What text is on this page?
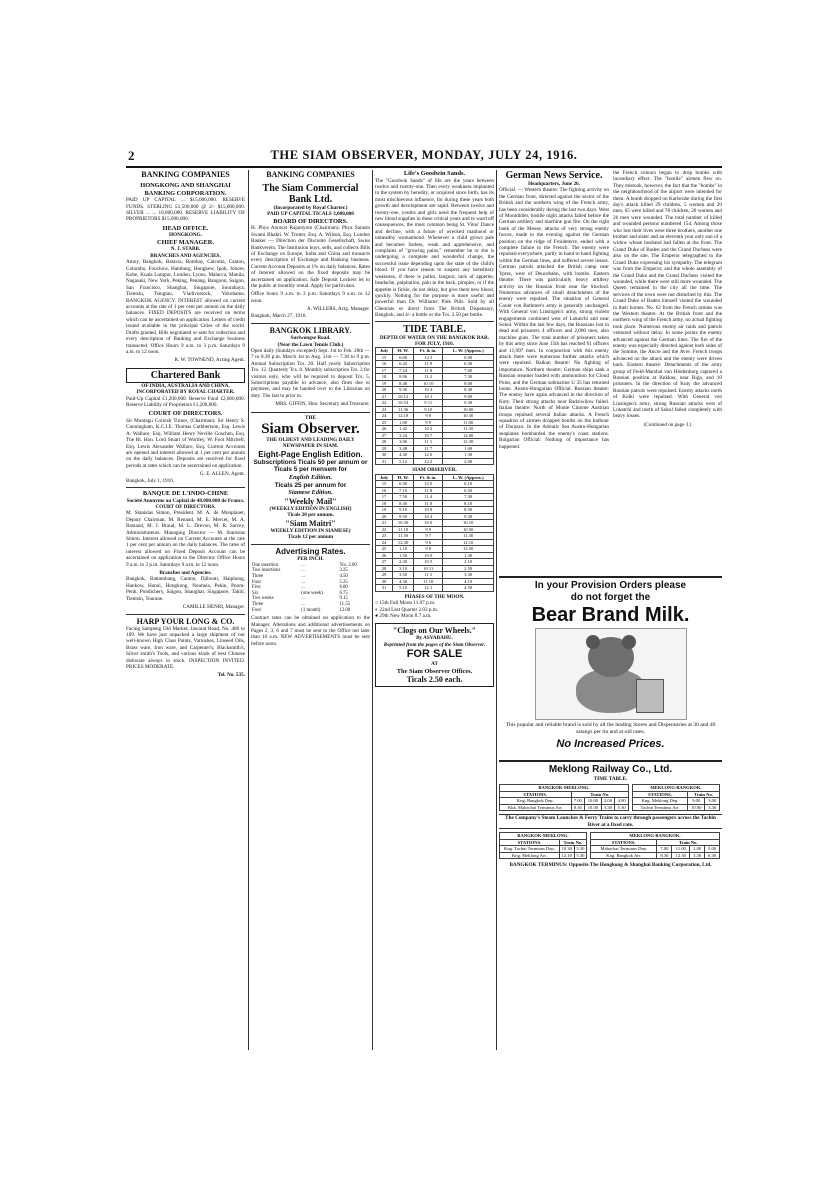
2	THE SIAM OBSERVER, MONDAY, JULY 24, 1916.
BANKING COMPANIES
HONGKONG AND SHANGHAI BANKING CORPORATION.

PAID UP CAPITAL ... $15,000,000. RESERVE FUNDS. STERLING £1,500,000 @ 2/- $15,000,000. SILVER ... ... 18,000,000. RESERVE LIABILITY OF PROPRIETORS $15,000,000.

HEAD OFFICE.
HONGKONG.
CHIEF MANAGER.
N. J. STABB.
BRANCHES AND AGENCIES.

Amoy, Bangkok, Batavia, Bombay, Calcutta, Canton, Colombo, Foochow, Hamburg, Hongkew, Ipoh, Johore, Kobe, Kuala Lumpur, London, Lyons, Malacca, Manila, Nagasaki, New York, Peking, Penang, Rangoon, Saigon, San Francisco, Shanghai, Singapore, Sourabaya, Tientsin, Tsingtau, Vladivostock, Yokohama. BANGKOK AGENCY. INTEREST allowed on current accounts at the rate of 1 per cent per annum on the daily balances. FIXED DEPOSITS are received on terms which can be ascertained on application. Letters of credit issued available in the principal Cities of the world. Drafts granted, Bills negotiated or sent for collection and every description of Banking and Exchange business transacted. Office Hours 9 a.m. to 3 p.m. Saturdays 9 a.m. to 12 noon.

R. W. TOWNEND, Acting Agent.
Chartered Bank
OF INDIA, AUSTRALIA AND CHINA.
INCORPORATED BY ROYAL CHARTER.

Paid-Up Capital £1,200,000. Reserve Fund £2,000,000. Reserve Liability of Proprietors £1,200,000.

COURT OF DIRECTORS.

Sir Montagu Cornish Turner, (Chairman). Sir Henry S. Cunningham, K.C.I.E. Thomas Cuthbertson, Esq. Lewis A. Wallace, Esq. William Henry Neville Goschen, Esq. The Rt. Hon. Lord Stuart of Wortley. W. Foot Mitchell, Esq. Lewis Alexander Wallace, Esq. Current Accounts are opened and interest allowed at 1 per cent per annum on the daily balances. Deposits are received for fixed periods at rates which can be ascertained on application.

G. E. ALLEN, Agent.
Bangkok, July 1, 1916.
BANQUE DE L'INDO-CHINE
Société Anonyme au Capital de 48.000.000 de Francs.
COURT OF DIRECTORS.

M. Stanislas Simon, Président. M. A. de Monplanet, Deputy Chairman. M. Renaud, M. E. Mercet, M. A. Rostand, M. J. Braud, M. L. Drevon, M. R. Sarcey, Administrateurs. Managing Director — M. Stanislas Simon. Interest allowed on Current Accounts at the rate 1 per cent per annum on the daily balances. The rates of interest allowed on Fixed Deposit Account can be ascertained on application to the Director. Office Hours 9 a.m. to 3 p.m. Saturdays 9 a.m. to 12 noon.

Branches and Agencies.

Bangkok, Battambang, Canton, Djibouti, Haiphong, Hankow, Hanoi, Hongkong, Nouméa, Pekin, Pnom-Penh, Pondichery, Saigon, Shanghai, Singapore, Tahiti, Tientsin, Tourane.

CAMILLE HENRI, Manager.
HARP YOUR LONG & CO.

Facing Sampeng Old Market, Jawarat Road, No. 486 to 189. We have just unpacked a large shipment of our well-known High Class Paints, Varnishes, Linseed Oils, Brass ware, Iron ware, and Carpenter's, Blacksmith's, Silver smith's Tools, and various kinds of best Chinese dishware always in stock. INSPECTION INVITED. PRICES MODERATE.

Tel. No. 535.
BANKING COMPANIES
The Siam Commercial Bank Ltd.
(Incorporated by Royal Charter.)
PAID UP CAPITAL TICALS 3,000,000
BOARD OF DIRECTORS.

H. Phya Anuwat Rajaniyom (Chairman). Phya Sarasin Swami Bhakti. W. Trotter, Esq. A. Wilson, Esq. London Banker — Direction der Disconto Gesellschaft, Swiss Bankverein. The Institution buys, sells, and collects Bills of Exchange on Europe, India and China and transacts every description of Exchange and Banking business. Current Account Deposits at 1% on daily balances. Rates of Interest allowed on the fixed deposits may be ascertained on application. Safe Deposit Lockers let to the public at monthly rental. Apply for particulars.

Office hours 9 a.m. to 3 p.m. Saturdays 9 a.m. to 12 noon.

A. WILLERS, Actg. Manager.
Bangkok, March 27, 1916.
BANGKOK LIBRARY.
Suriwongse Road.
(Near the Lawn Tennis Club.)

Open daily (Sundays excepted) Sept. 1st to Feb. 28th — 7 to 8.30 p.m. March 1st to Aug. 31st — 7.30 to 9 p.m. Annual Subscription Tcs. 20. Half yearly Subscription Tcs. 12. Quarterly Tcs. 8. Monthly subscription Tcs. 3 for visitors only, who will be required to deposit Tcs. 5. Subscriptions payable in advance, also fines due to payment, and may be handed over to the Librarian on duty. The last to prior to.

MRS. GIFFIN, Hon. Secretary and Treasurer.
THE
Siam Observer.
THE OLDEST AND LEADING DAILY NEWSPAPER IN SIAM.
Eight-Page English Edition.
Subscriptions Ticals 50 per annum or Ticals 5 per mensem for
English Edition.
Ticals 25 per annum for
Siamese Edition.
"Weekly Mail"
(WEEKLY EDITION IN ENGLISH)
Ticals 20 per annum.
"Siam Maitri"
WEEKLY EDITION IN SIAMESE)
Ticals 12 per annum
Advertising Rates.
PER INCH.
One insertion	...	Tcs. 2.00
Two insertions	...	3.25
Three	...	4.50
Four	...	5.25
Five	...	6.00
Six	(one week)	6.75
Two weeks	...	9.15
Three	...	11.55
Four	(1 month)	12.00

Contract rates can be obtained on application to the Manager. Alterations and additional advertisements on Pages 2, 3, 6 and 7 must be sent to the Office not later than 10 a.m. NEW ADVERTISEMENTS must be sent before noon.

Life's Goodwin Sands.

The "Goodwin Sands" of life are the years between twelve and twenty-one. Then every weakness implanted in the system by heredity, or acquired since birth, has its most mischievous influence, for during these years both growth and development are rapid. Between twelve and twenty-one, youths and girls need the frequent help of new blood supplies in these critical years and to ward off consequences, the most common being St. Vitus' Dance and decline, with a future of wrecked manhood or unhealthy womanhood. Whenever a child grows pale and becomes listless, weak and apprehensive, and complains of "growing pains," remember he or she is undergoing a complete and wonderful change, the successful issue depending upon the state of the child's blood. If you have reason to suspect any hereditary weakness, if there is pallor, languor, lack of appetite, headache, palpitation, pain in the back, pimples, or if the appetite is fickle, do not delay, but give them new blood, quickly. Nothing for the purpose is more useful and powerful than Dr. Williams' Pink Pills. Sold by all Chemists or direct from The British Dispensary, Bangkok, and 4/- a bottle or the Tcs. 2.50 per bottle.

TIDE TABLE.
DEPTH OF WATER ON THE BANGKOK BAR.
FOR JULY, 1916.
July	H. W.	Ft. & in.	L. W. (Approx.)
15	6.00	12 3	6.00
16	6.42	11 9	6.30
17	7.24	11 8	7.00
18	8.06	11 2	7.30
19	8.48	10 10	8.00
20	9.30	10 4	8.30
21	10.12	10 1	9.00
22	10.54	9 11	9.30
23	11.36	9 10	10.00
24	12.18	9 8	10.30
25	1.00	9 9	11.00
26	1.42	10 2	11.30
27	2.24	10 7	12.00
28	3.06	11 1	12.30
29	3.48	11 7	1.00
30	4.30	12 0	1.30
31	5.12	12 2	2.00
SIAM OBSERVER.
July	H. W.	Ft. & in.	L. W. (Approx.)
15	6.30	12 0	6.10
16	7.10	11 8	6.50
17	7.50	11 4	7.30
18	8.30	11 0	8.10
19	9.10	10 8	8.50
20	9.50	10 4	9.30
21	10.30	10 0	10.10
22	11.10	9 9	10.50
23	11.50	9 7	11.30
24	12.30	9 6	12.10
25	1.10	9 8	12.50
26	1.50	10 0	1.30
27	2.30	10 5	2.10
28	3.10	10 11	2.50
29	3.50	11 5	3.30
30	4.30	11 10	4.10
31	5.10	12 1	4.50
PHASES OF THE MOON.
○ 15th Full Moon 11.07 p.m.
◐ 22nd Last Quarter 2.03 p.m.
● 29th New Moon 8.7 a.m.
"Clogs on Our Wheels."
By ASVABAHU.
Reprinted from the pages of the Siam Observer.
FOR SALE
AT
The Siam Observer Offices.
Ticals 2.50 each.
German News Service.
Headquarters, June 26.

Official. — Western theatre: The fighting activity on the German front, directed against the sector of the British and the northern wing of the French army, has been considerably during the last two days. West of Montdidier, hostile night attacks failed before the German artillery and machine gun fire. On the right bank of the Meuse, attacks of very strong enemy forces, made in the evening against the German position on the ridge of Froideterre, ended with a complete failure to the French. The enemy were repulsed everywhere, partly in hand to hand fighting within the German lines, and suffered severe losses. German patrols attacked the British camp near Ypres, west of Deucebahn, with bombs. Eastern theatre: There was particularly heavy artillery activity on the Russian front near the Stochod. Numerous advances of small detachments of the enemy were repulsed. The situation of General Count von Bothmer's army is generally unchanged. With General von Linsingen's army, strong violent engagements continued west of Lokatchi and near Sokul. Within the last few days, the Russians lost in dead and prisoners 4 officers and 2,000 men, also machine guns. The total number of prisoners taken by this army since June 15th has reached 61 officers and 11,097 men. In conjunction with this enemy attack there were numerous further attacks which were repulsed. Balkan theatre: No fighting of importance. Northern theatre: German ships sank a Russian steamer loaded with ammunition for Cloud Point, and the German submarine U 35 has returned home. Austro-Hungarian Official. Russian theatre: The enemy have again advanced in the direction of Kuty. Their strong attacks near Radziwilow failed. Italian theatre: North of Monte Cimone Austrian troops repulsed several Italian attacks. A French squadron of airmen dropped bombs on the harbour of Durazzo. In the Adriatic Sea Austro-Hungarian seaplanes bombarded the enemy's coast stations. Bulgarian Official: Nothing of importance has happened.

the French colours began to drop bombs with incendiary effect. The "hostile" airmen flew on. They mistook, however, the fact that the "bombs" in the neighbourhood of the airport were intended for them. A bomb dropped on Karlsruhe during the first day's attack killed 29 children, 5 women and 20 men, 65 were killed and 78 children, 20 women and 26 men were wounded. The total number of killed and wounded persons numbered 154. Among those who lost their lives were three brothers, another one brother and sister and an eleventh year only son of a widow whose husband had fallen at the front. The Grand Duke of Baden and the Grand Duchess were also on the site. The Emperor telegraphed to the Grand Duke expressing his sympathy. The telegram was from the Emperor, and the whole assembly of the Grand Duke and the Grand Duchess visited the wounded, while there were still more wounded. The Queen remained in the city all the time. The services of the town were not disturbed by this. The Grand Duke of Baden himself visited the wounded in their homes. No. 62 from the French armies was the Western theatre. At the British front and the northern wing of the French army, no actual fighting took place. Numerous enemy air raids and patrols ventured without delay. In some points the enemy advanced against the German lines. The fire of the enemy was especially directed against both sides of the Somme, the Ancre and the Avre. French troops advanced on the attack and the enemy were driven back. Eastern theatre: Detachments of the army group of Field-Marshal von Hindenburg captured a Russian position at Kekkau, near Riga, and 10 prisoners. In the direction of Kuty the advanced Russian patrols were repulsed. Enemy attacks north of Kolki were repulsed. With General von Linsingen's army, strong Russian attacks west of Lokatchi and north of Sokul failed completely with heavy losses.

(Continued on page 3.)
In your Provision Orders please
do not forget the
Bear Brand Milk.

This popular and reliable brand is sold by all the leading Stores and Dispensaries at 30 and 40 satangs per tin and at old rates.

No Increased Prices.
Meklong Railway Co., Ltd.
TIME TABLE.
BANGKOK-MEKLONG.				
STATIONS.	Train No.			
Kng. Bangkok Dep.	7.00	10.00	2.00	4.00
Kkk. Mahachai Terminus Arr.	8.30	10.30	3.30	5.30
MEKLONG-BANGKOK.		
STATIONS.	Train No.	
Kng. Meklong Dep.	9.00	3.00
Tachin Terminus Arr.	10.00	3.30
The Company's Steam Launches & Ferry Trains to carry through passengers across the Tachin River at a fixed rate.
BANGKOK-MEKLONG.		
STATIONS.	Train No.	
Kng. Tachin Terminus Dep.	10.30	5.30
Kng. Meklong Arr.	12.10	5.30
MEKLONG-BANGKOK.				
STATIONS.	Train No.			
Mahachai Terminus Dep.	7.00	11.00	2.00	5.00
Kng. Bangkok Arr.	8.30	12.30	3.30	6.30
BANGKOK TERMINUS: Opposite The Hongkong & Shanghai Banking Corporation, Ltd.
